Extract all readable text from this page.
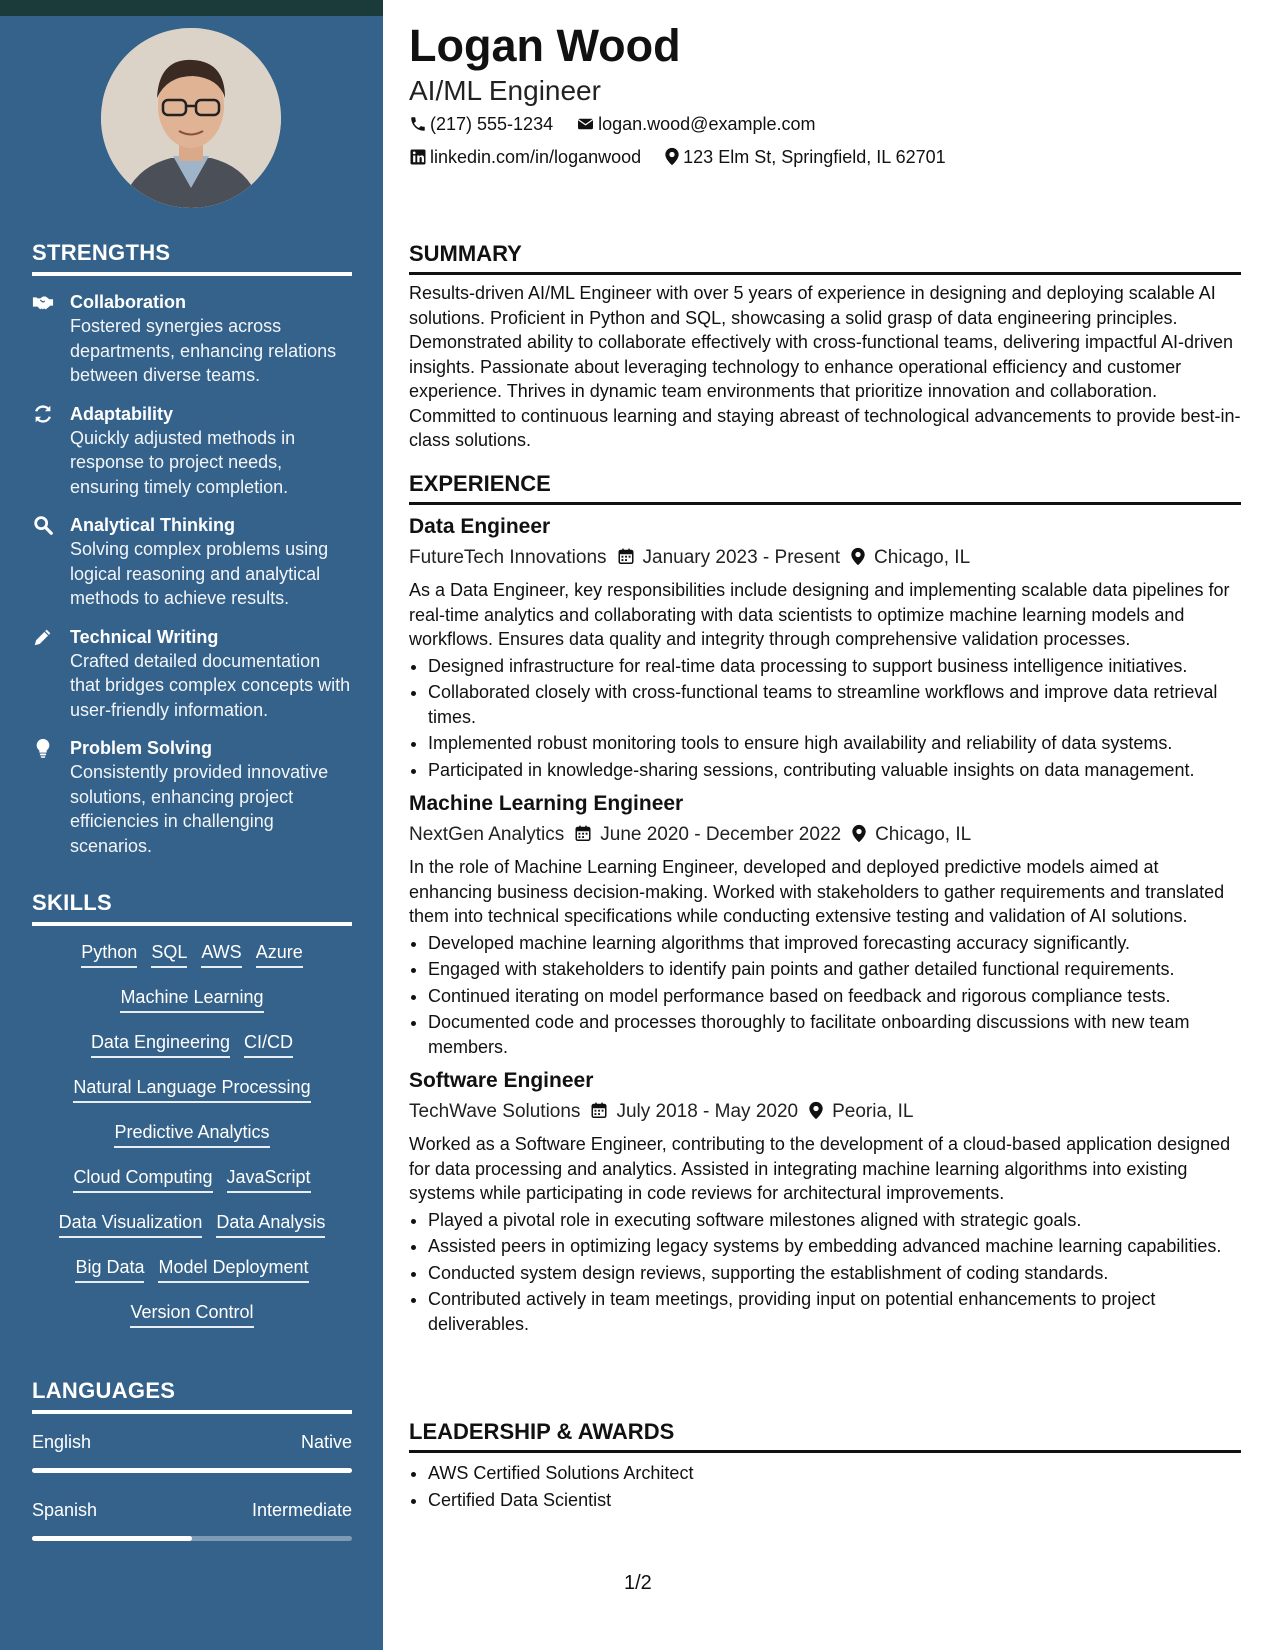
STRENGTHS
Collaboration
Fostered synergies across departments, enhancing relations between diverse teams.
Adaptability
Quickly adjusted methods in response to project needs, ensuring timely completion.
Analytical Thinking
Solving complex problems using logical reasoning and analytical methods to achieve results.
Technical Writing
Crafted detailed documentation that bridges complex concepts with user-friendly information.
Problem Solving
Consistently provided innovative solutions, enhancing project efficiencies in challenging scenarios.
SKILLS
Python SQL AWS Azure
Machine Learning
Data Engineering CI/CD
Natural Language Processing
Predictive Analytics
Cloud Computing JavaScript
Data Visualization Data Analysis
Big Data Model Deployment
Version Control
LANGUAGES
English	Native
Spanish	Intermediate
Logan Wood
AI/ML Engineer
(217) 555-1234	logan.wood@example.com
linkedin.com/in/loganwood 123 Elm St, Springfield, IL 62701
SUMMARY

Results-driven AI/ML Engineer with over 5 years of experience in designing and deploying scalable AI solutions. Proficient in Python and SQL, showcasing a solid grasp of data engineering principles. Demonstrated ability to collaborate effectively with cross-functional teams, delivering impactful AI-driven insights. Passionate about leveraging technology to enhance operational efficiency and customer experience. Thrives in dynamic team environments that prioritize innovation and collaboration. Committed to continuous learning and staying abreast of technological advancements to provide best-in-class solutions.

EXPERIENCE
Data Engineer
FutureTech Innovations January 2023 - Present Chicago, IL

As a Data Engineer, key responsibilities include designing and implementing scalable data pipelines for real-time analytics and collaborating with data scientists to optimize machine learning models and workflows. Ensures data quality and integrity through comprehensive validation processes.

• Designed infrastructure for real-time data processing to support business intelligence initiatives.
• Collaborated closely with cross-functional teams to streamline workflows and improve data retrieval times.
• Implemented robust monitoring tools to ensure high availability and reliability of data systems.
• Participated in knowledge-sharing sessions, contributing valuable insights on data management.
Machine Learning Engineer
NextGen Analytics June 2020 - December 2022 Chicago, IL

In the role of Machine Learning Engineer, developed and deployed predictive models aimed at enhancing business decision-making. Worked with stakeholders to gather requirements and translated them into technical specifications while conducting extensive testing and validation of AI solutions.

• Developed machine learning algorithms that improved forecasting accuracy significantly.
• Engaged with stakeholders to identify pain points and gather detailed functional requirements.
• Continued iterating on model performance based on feedback and rigorous compliance tests.
• Documented code and processes thoroughly to facilitate onboarding discussions with new team members.
Software Engineer
TechWave Solutions July 2018 - May 2020 Peoria, IL

Worked as a Software Engineer, contributing to the development of a cloud-based application designed for data processing and analytics. Assisted in integrating machine learning algorithms into existing systems while participating in code reviews for architectural improvements.

• Played a pivotal role in executing software milestones aligned with strategic goals.
• Assisted peers in optimizing legacy systems by embedding advanced machine learning capabilities.
• Conducted system design reviews, supporting the establishment of coding standards.
• Contributed actively in team meetings, providing input on potential enhancements to project deliverables.
LEADERSHIP & AWARDS
• AWS Certified Solutions Architect
• Certified Data Scientist
1/2
